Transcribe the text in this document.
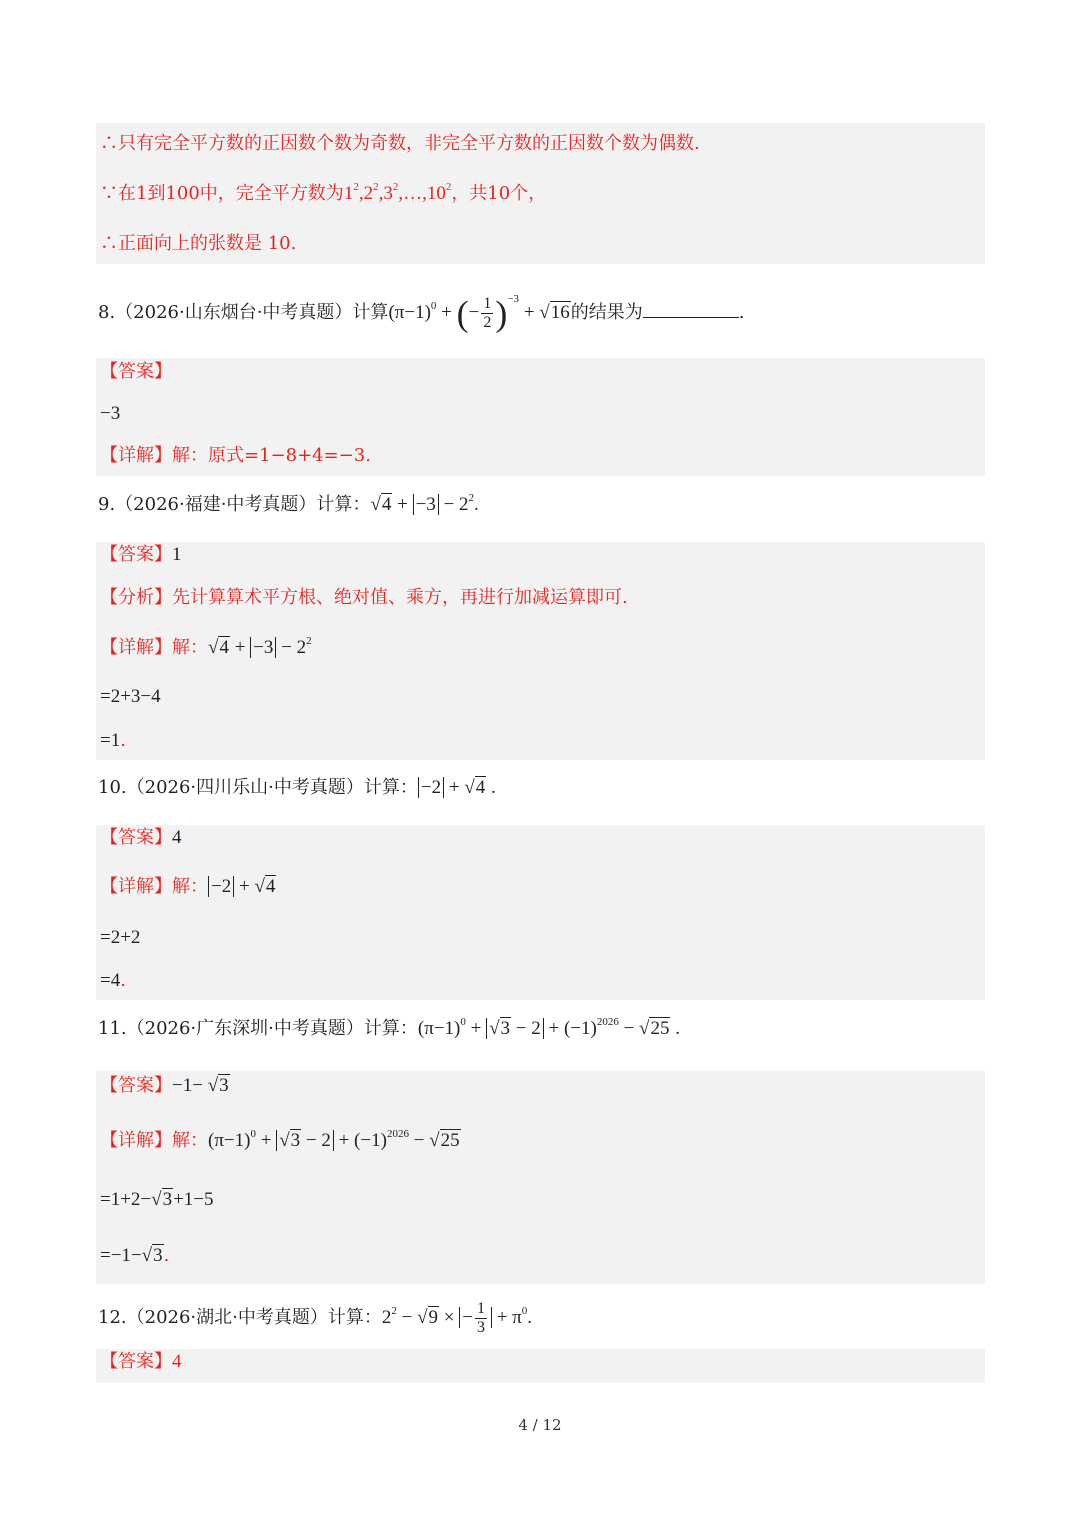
∴只有完全平方数的正因数个数为奇数，非完全平方数的正因数个数为偶数.
∵在1到100中，完全平方数为$1^2,2^2,3^2,\dots,10^2$，共10个，
∴正面向上的张数是 10.
8.（2026·山东烟台·中考真题）计算$(\pi-1)^0$ + (− $\frac{1}{2} )^{-3} + √16$的结果为	.
【答案】
−3
【详解】解：原式=1−8+4=−3.
9.（2026·福建·中考真题）计算：$√4 + -3 - 2^2$.
【答案】1
【分析】先计算算术平方根、绝对值、乘方，再进行加减运算即可.
【详解】解：$√4 + -3 - 2^2$
=2+3−4
=1.
10.（2026·四川乐山·中考真题）计算： −2 + √4 .
【答案】4
【详解】解： −2 + √4
=2+2
=4.
11.（2026·广东深圳·中考真题）计算：$(\pi-1)^0 + √3 - 2 + (-1)^{2026} - √25$ .
【答案】−1− √3
【详解】解：$(\pi-1)^0 + √3 - 2 + (-1)^{2026} - √25$
=1+2−√3+1−5
=−1−√3.
12.（2026·湖北·中考真题）计算：$2^2 - √9$ × − $\frac{1}{3} + \pi^0$.
【答案】4
4 / 12
